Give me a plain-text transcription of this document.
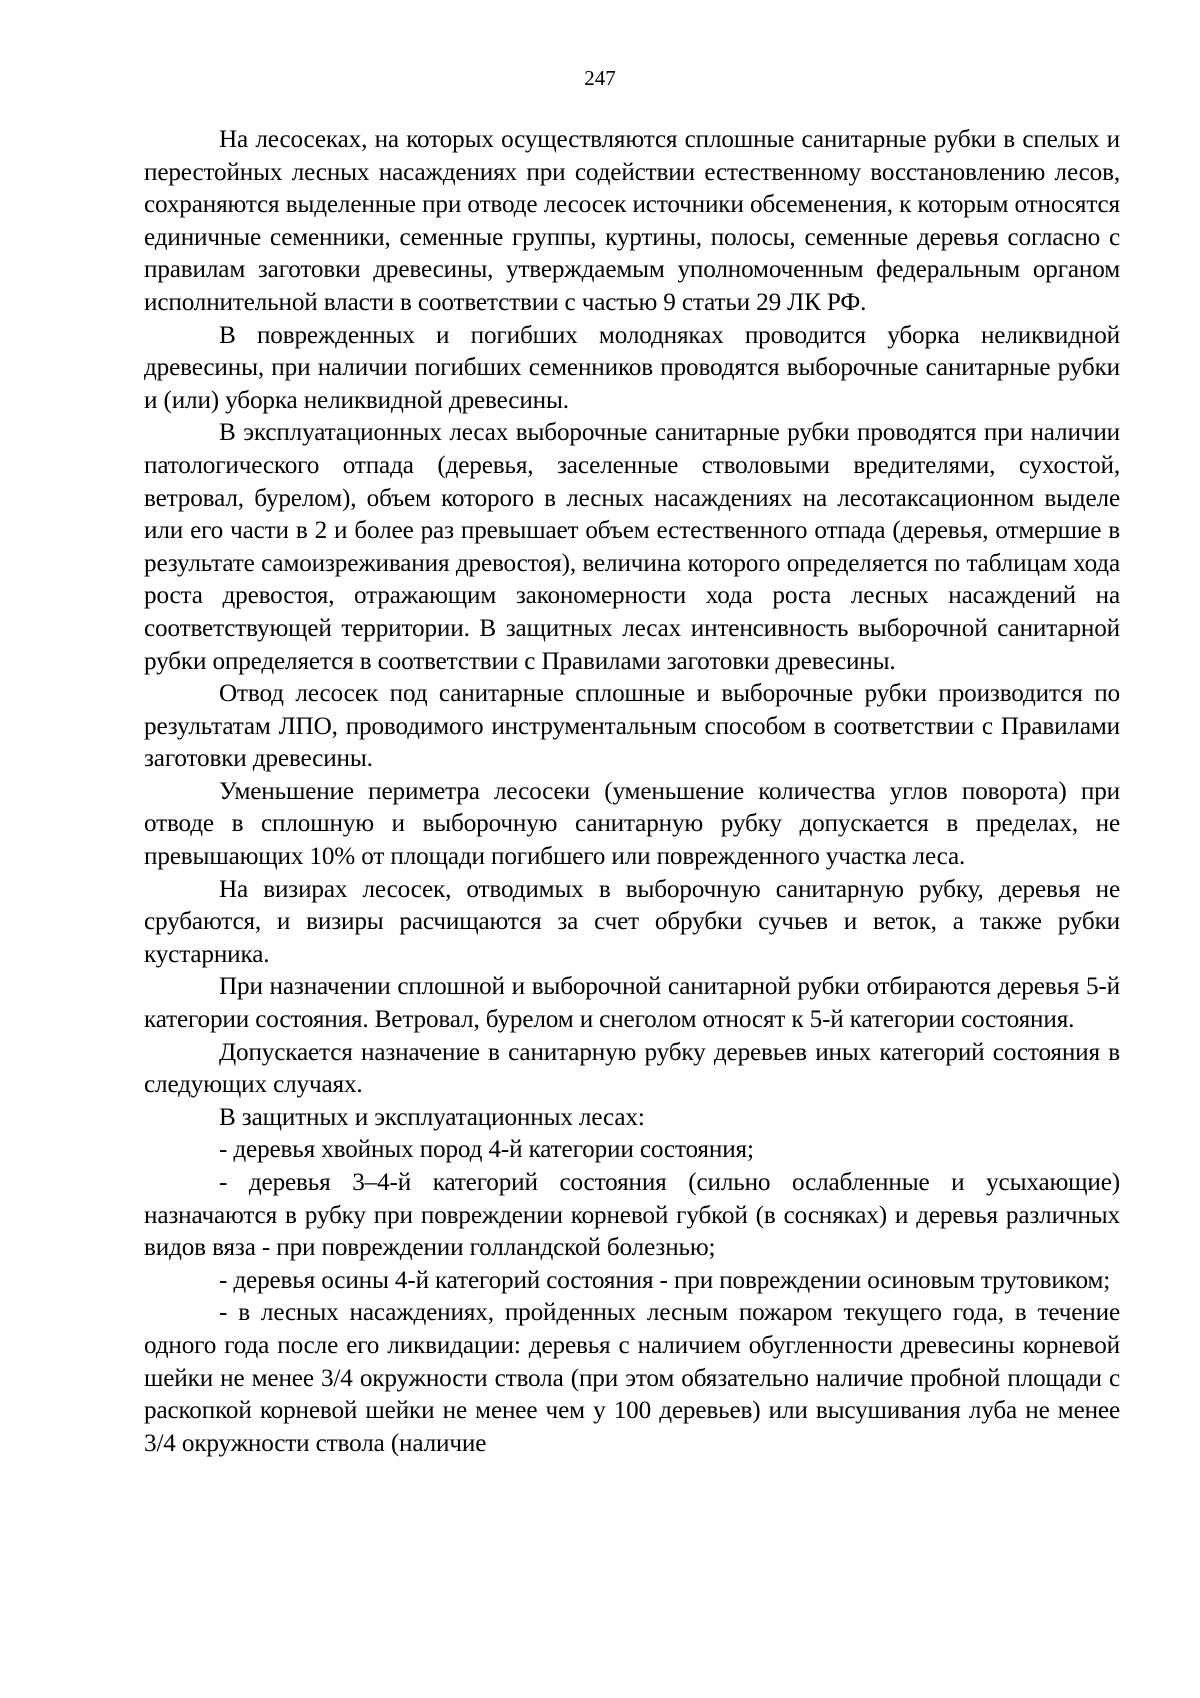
247

На лесосеках, на которых осуществляются сплошные санитарные рубки в спелых и перестойных лесных насаждениях при содействии естественному восстановлению лесов, сохраняются выделенные при отводе лесосек источники обсеменения, к которым относятся единичные семенники, семенные группы, куртины, полосы, семенные деревья согласно с правилам заготовки древесины, утверждаемым уполномоченным федеральным органом исполнительной власти в соответствии с частью 9 статьи 29 ЛК РФ.

В поврежденных и погибших молодняках проводится уборка неликвидной древесины, при наличии погибших семенников проводятся выборочные санитарные рубки и (или) уборка неликвидной древесины.

В эксплуатационных лесах выборочные санитарные рубки проводятся при наличии патологического отпада (деревья, заселенные стволовыми вредителями, сухостой, ветровал, бурелом), объем которого в лесных насаждениях на лесотаксационном выделе или его части в 2 и более раз превышает объем естественного отпада (деревья, отмершие в результате самоизреживания древостоя), величина которого определяется по таблицам хода роста древостоя, отражающим закономерности хода роста лесных насаждений на соответствующей территории. В защитных лесах интенсивность выборочной санитарной рубки определяется в соответствии с Правилами заготовки древесины.

Отвод лесосек под санитарные сплошные и выборочные рубки производится по результатам ЛПО, проводимого инструментальным способом в соответствии с Правилами заготовки древесины.

Уменьшение периметра лесосеки (уменьшение количества углов поворота) при отводе в сплошную и выборочную санитарную рубку допускается в пределах, не превышающих 10% от площади погибшего или поврежденного участка леса.

На визирах лесосек, отводимых в выборочную санитарную рубку, деревья не срубаются, и визиры расчищаются за счет обрубки сучьев и веток, а также рубки кустарника.

При назначении сплошной и выборочной санитарной рубки отбираются деревья 5-й категории состояния. Ветровал, бурелом и снеголом относят к 5-й категории состояния.

Допускается назначение в санитарную рубку деревьев иных категорий состояния в следующих случаях.

В защитных и эксплуатационных лесах:

- деревья хвойных пород 4-й категории состояния;

- деревья 3–4-й категорий состояния (сильно ослабленные и усыхающие) назначаются в рубку при повреждении корневой губкой (в сосняках) и деревья различных видов вяза - при повреждении голландской болезнью;

- деревья осины 4-й категорий состояния - при повреждении осиновым трутовиком;

- в лесных насаждениях, пройденных лесным пожаром текущего года, в течение одного года после его ликвидации: деревья с наличием обугленности древесины корневой шейки не менее 3/4 окружности ствола (при этом обязательно наличие пробной площади с раскопкой корневой шейки не менее чем у 100 деревьев) или высушивания луба не менее 3/4 окружности ствола (наличие
